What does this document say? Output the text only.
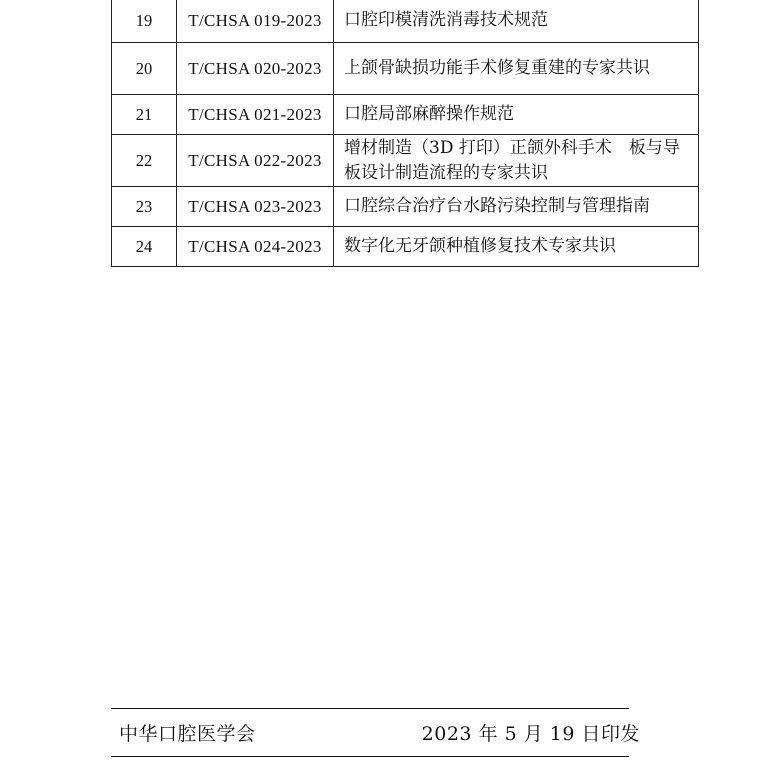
19	T/CHSA 019-2023	口腔印模清洗消毒技术规范
20	T/CHSA 020-2023	上颌骨缺损功能手术修复重建的专家共识
21	T/CHSA 021-2023	口腔局部麻醉操作规范
22	T/CHSA 022-2023	增材制造（3D 打印）正颌外科手术　板与导板设计制造流程的专家共识
23	T/CHSA 023-2023	口腔综合治疗台水路污染控制与管理指南
24	T/CHSA 024-2023	数字化无牙颌种植修复技术专家共识
中华口腔医学会	2023 年 5 月 19 日印发
